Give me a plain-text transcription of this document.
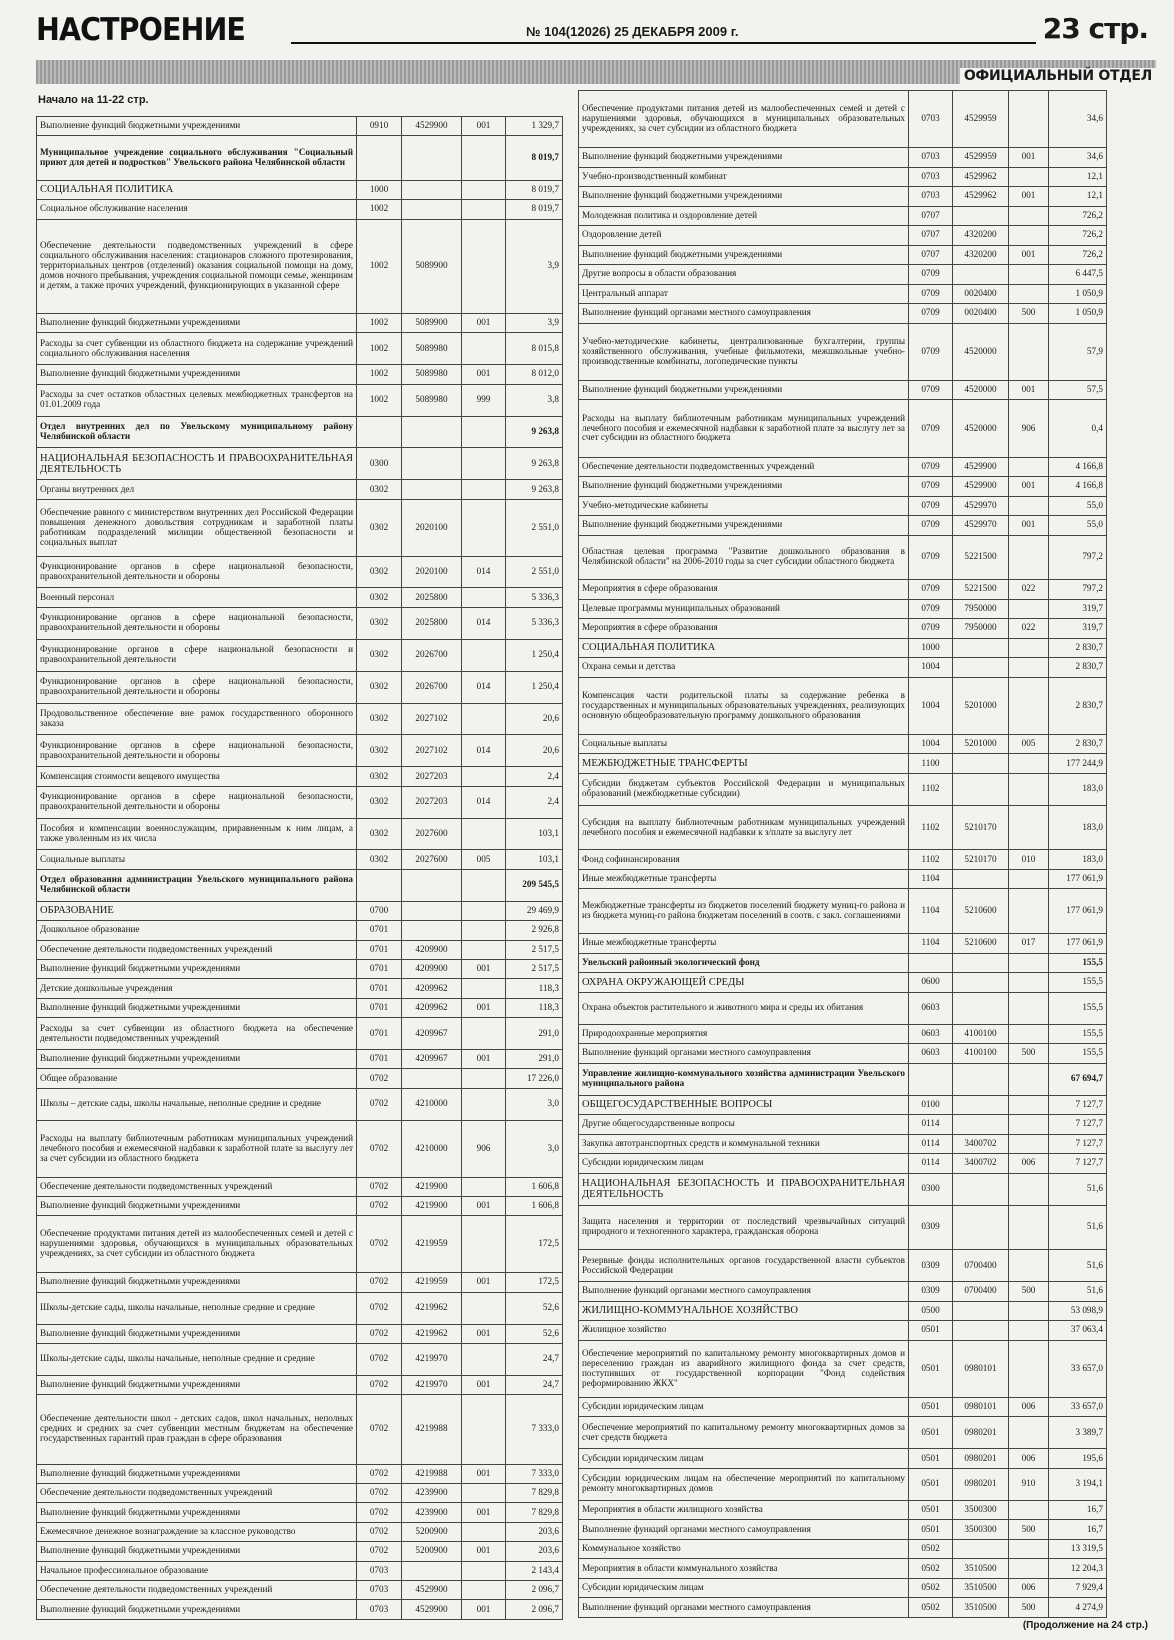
НАСТРОЕНИЕ	№ 104(12026) 25 ДЕКАБРЯ 2009 г.	23 стр.
ОФИЦИАЛЬНЫЙ ОТДЕЛ
Начало на 11-22 стр.
Выполнение функций бюджетными учреждениями	0910	4529900	001	1 329,7
Муниципальное учреждение социального обслуживания "Социальный приют для детей и подростков" Увельского района Челябинской области				8 019,7
СОЦИАЛЬНАЯ ПОЛИТИКА	1000			8 019,7
Социальное обслуживание населения	1002			8 019,7
Обеспечение деятельности подведомственных учреждений в сфере социального обслуживания населения: стационаров сложного протезирования, территориальных центров (отделений) оказания социальной помощи на дому, домов ночного пребывания, учреждения социальной помощи семье, женщинам и детям, а также прочих учреждений, функционирующих в указанной сфере	1002	5089900		3,9
Выполнение функций бюджетными учреждениями	1002	5089900	001	3,9
Расходы за счет субвенции из областного бюджета на содержание учреждений социального обслуживания населения	1002	5089980		8 015,8
Выполнение функций бюджетными учреждениями	1002	5089980	001	8 012,0
Расходы за счет остатков областных целевых межбюджетных трансфертов на 01.01.2009 года	1002	5089980	999	3,8
Отдел внутренних дел по Увельскому муниципальному району Челябинской области				9 263,8
НАЦИОНАЛЬНАЯ БЕЗОПАСНОСТЬ И ПРАВООХРАНИТЕЛЬНАЯ ДЕЯТЕЛЬНОСТЬ	0300			9 263,8
Органы внутренних дел	0302			9 263,8
Обеспечение равного с министерством внутренних дел Российской Федерации повышения денежного довольствия сотрудникам и заработной платы работникам подразделений милиции общественной безопасности и социальных выплат	0302	2020100		2 551,0
Функционирование органов в сфере национальной безопасности, правоохранительной деятельности и обороны	0302	2020100	014	2 551,0
Военный персонал	0302	2025800		5 336,3
Функционирование органов в сфере национальной безопасности, правоохранительной деятельности и обороны	0302	2025800	014	5 336,3
Функционирование органов в сфере национальной безопасности и правоохранительной деятельности	0302	2026700		1 250,4
Функционирование органов в сфере национальной безопасности, правоохранительной деятельности и обороны	0302	2026700	014	1 250,4
Продовольственное обеспечение вне рамок государственного оборонного заказа	0302	2027102		20,6
Функционирование органов в сфере национальной безопасности, правоохранительной деятельности и обороны	0302	2027102	014	20,6
Компенсация стоимости вещевого имущества	0302	2027203		2,4
Функционирование органов в сфере национальной безопасности, правоохранительной деятельности и обороны	0302	2027203	014	2,4
Пособия и компенсации военнослужащим, приравненным к ним лицам, а также уволенным из их числа	0302	2027600		103,1
Социальные выплаты	0302	2027600	005	103,1
Отдел образования администрации Увельского муниципального района Челябинской области				209 545,5
ОБРАЗОВАНИЕ	0700			29 469,9
Дошкольное образование	0701			2 926,8
Обеспечение деятельности подведомственных учреждений	0701	4209900		2 517,5
Выполнение функций бюджетными учреждениями	0701	4209900	001	2 517,5
Детские дошкольные учреждения	0701	4209962		118,3
Выполнение функций бюджетными учреждениями	0701	4209962	001	118,3
Расходы за счет субвенции из областного бюджета на обеспечение деятельности подведомственных учреждений	0701	4209967		291,0
Выполнение функций бюджетными учреждениями	0701	4209967	001	291,0
Общее образование	0702			17 226,0
Школы – детские сады, школы начальные, неполные средние и средние	0702	4210000		3,0
Расходы на выплату библиотечным работникам муниципальных учреждений лечебного пособия и ежемесячной надбавки к заработной плате за выслугу лет за счет субсидии из областного бюджета	0702	4210000	906	3,0
Обеспечение деятельности подведомственных учреждений	0702	4219900		1 606,8
Выполнение функций бюджетными учреждениями	0702	4219900	001	1 606,8
Обеспечение продуктами питания детей из малообеспеченных семей и детей с нарушениями здоровья, обучающихся в муниципальных образовательных учреждениях, за счет субсидии из областного бюджета	0702	4219959		172,5
Выполнение функций бюджетными учреждениями	0702	4219959	001	172,5
Школы-детские сады, школы начальные, неполные средние и средние	0702	4219962		52,6
Выполнение функций бюджетными учреждениями	0702	4219962	001	52,6
Школы-детские сады, школы начальные, неполные средние и средние	0702	4219970		24,7
Выполнение функций бюджетными учреждениями	0702	4219970	001	24,7
Обеспечение деятельности школ - детских садов, школ начальных, неполных средних и средних за счет субвенции местным бюджетам на обеспечение государственных гарантий прав граждан в сфере образования	0702	4219988		7 333,0
Выполнение функций бюджетными учреждениями	0702	4219988	001	7 333,0
Обеспечение деятельности подведомственных учреждений	0702	4239900		7 829,8
Выполнение функций бюджетными учреждениями	0702	4239900	001	7 829,8
Ежемесячное денежное вознаграждение за классное руководство	0702	5200900		203,6
Выполнение функций бюджетными учреждениями	0702	5200900	001	203,6
Начальное профессиональное образование	0703			2 143,4
Обеспечение деятельности подведомственных учреждений	0703	4529900		2 096,7
Выполнение функций бюджетными учреждениями	0703	4529900	001	2 096,7
Обеспечение продуктами питания детей из малообеспеченных семей и детей с нарушениями здоровья, обучающихся в муниципальных образовательных учреждениях, за счет субсидии из областного бюджета	0703	4529959		34,6
Выполнение функций бюджетными учреждениями	0703	4529959	001	34,6
Учебно-производственный комбинат	0703	4529962		12,1
Выполнение функций бюджетными учреждениями	0703	4529962	001	12,1
Молодежная политика и оздоровление детей	0707			726,2
Оздоровление детей	0707	4320200		726,2
Выполнение функций бюджетными учреждениями	0707	4320200	001	726,2
Другие вопросы в области образования	0709			6 447,5
Центральный аппарат	0709	0020400		1 050,9
Выполнение функций органами местного самоуправления	0709	0020400	500	1 050,9
Учебно-методические кабинеты, централизованные бухгалтерии, группы хозяйственного обслуживания, учебные фильмотеки, межшкольные учебно-производственные комбинаты, логопедические пункты	0709	4520000		57,9
Выполнение функций бюджетными учреждениями	0709	4520000	001	57,5
Расходы на выплату библиотечным работникам муниципальных учреждений лечебного пособия и ежемесячной надбавки к заработной плате за выслугу лет за счет субсидии из областного бюджета	0709	4520000	906	0,4
Обеспечение деятельности подведомственных учреждений	0709	4529900		4 166,8
Выполнение функций бюджетными учреждениями	0709	4529900	001	4 166,8
Учебно-методические кабинеты	0709	4529970		55,0
Выполнение функций бюджетными учреждениями	0709	4529970	001	55,0
Областная целевая программа "Развитие дошкольного образования в Челябинской области" на 2006-2010 годы за счет субсидии областного бюджета	0709	5221500		797,2
Мероприятия в сфере образования	0709	5221500	022	797,2
Целевые программы муниципальных образований	0709	7950000		319,7
Мероприятия в сфере образования	0709	7950000	022	319,7
СОЦИАЛЬНАЯ ПОЛИТИКА	1000			2 830,7
Охрана семьи и детства	1004			2 830,7
Компенсация части родительской платы за содержание ребенка в государственных и муниципальных образовательных учреждениях, реализующих основную общеобразовательную программу дошкольного образования	1004	5201000		2 830,7
Социальные выплаты	1004	5201000	005	2 830,7
МЕЖБЮДЖЕТНЫЕ ТРАНСФЕРТЫ	1100			177 244,9
Субсидии бюджетам субъектов Российской Федерации и муниципальных образований (межбюджетные субсидии)	1102			183,0
Субсидия на выплату библиотечным работникам муниципальных учреждений лечебного пособия и ежемесячной надбавки к з/плате за выслугу лет	1102	5210170		183,0
Фонд софинансирования	1102	5210170	010	183,0
Иные межбюджетные трансферты	1104			177 061,9
Межбюджетные трансферты из бюджетов поселений бюджету муниц-го района и из бюджета муниц-го района бюджетам поселений в соотв. с закл. соглашениями	1104	5210600		177 061,9
Иные межбюджетные трансферты	1104	5210600	017	177 061,9
Увельский районный экологический фонд				155,5
ОХРАНА ОКРУЖАЮЩЕЙ СРЕДЫ	0600			155,5
Охрана объектов растительного и животного мира и среды их обитания	0603			155,5
Природоохранные мероприятия	0603	4100100		155,5
Выполнение функций органами местного самоуправления	0603	4100100	500	155,5
Управление жилищно-коммунального хозяйства администрации Увельского муниципального района				67 694,7
ОБЩЕГОСУДАРСТВЕННЫЕ ВОПРОСЫ	0100			7 127,7
Другие общегосударственные вопросы	0114			7 127,7
Закупка автотранспортных средств и коммунальной техники	0114	3400702		7 127,7
Субсидии юридическим лицам	0114	3400702	006	7 127,7
НАЦИОНАЛЬНАЯ БЕЗОПАСНОСТЬ И ПРАВООХРАНИТЕЛЬНАЯ ДЕЯТЕЛЬНОСТЬ	0300			51,6
Защита населения и территории от последствий чрезвычайных ситуаций природного и техногенного характера, гражданская оборона	0309			51,6
Резервные фонды исполнительных органов государственной власти субъектов Российской Федерации	0309	0700400		51,6
Выполнение функций органами местного самоуправления	0309	0700400	500	51,6
ЖИЛИЩНО-КОММУНАЛЬНОЕ ХОЗЯЙСТВО	0500			53 098,9
Жилищное хозяйство	0501			37 063,4
Обеспечение мероприятий по капитальному ремонту многоквартирных домов и переселению граждан из аварийного жилищного фонда за счет средств, поступивших от государственной корпорации "Фонд содействия реформированию ЖКХ"	0501	0980101		33 657,0
Субсидии юридическим лицам	0501	0980101	006	33 657,0
Обеспечение мероприятий по капитальному ремонту многоквартирных домов за счет средств бюджета	0501	0980201		3 389,7
Субсидии юридическим лицам	0501	0980201	006	195,6
Субсидии юридическим лицам на обеспечение мероприятий по капитальному ремонту многоквартирных домов	0501	0980201	910	3 194,1
Мероприятия в области жилищного хозяйства	0501	3500300		16,7
Выполнение функций органами местного самоуправления	0501	3500300	500	16,7
Коммунальное хозяйство	0502			13 319,5
Мероприятия в области коммунального хозяйства	0502	3510500		12 204,3
Субсидии юридическим лицам	0502	3510500	006	7 929,4
Выполнение функций органами местного самоуправления	0502	3510500	500	4 274,9
(Продолжение на 24 стр.)
